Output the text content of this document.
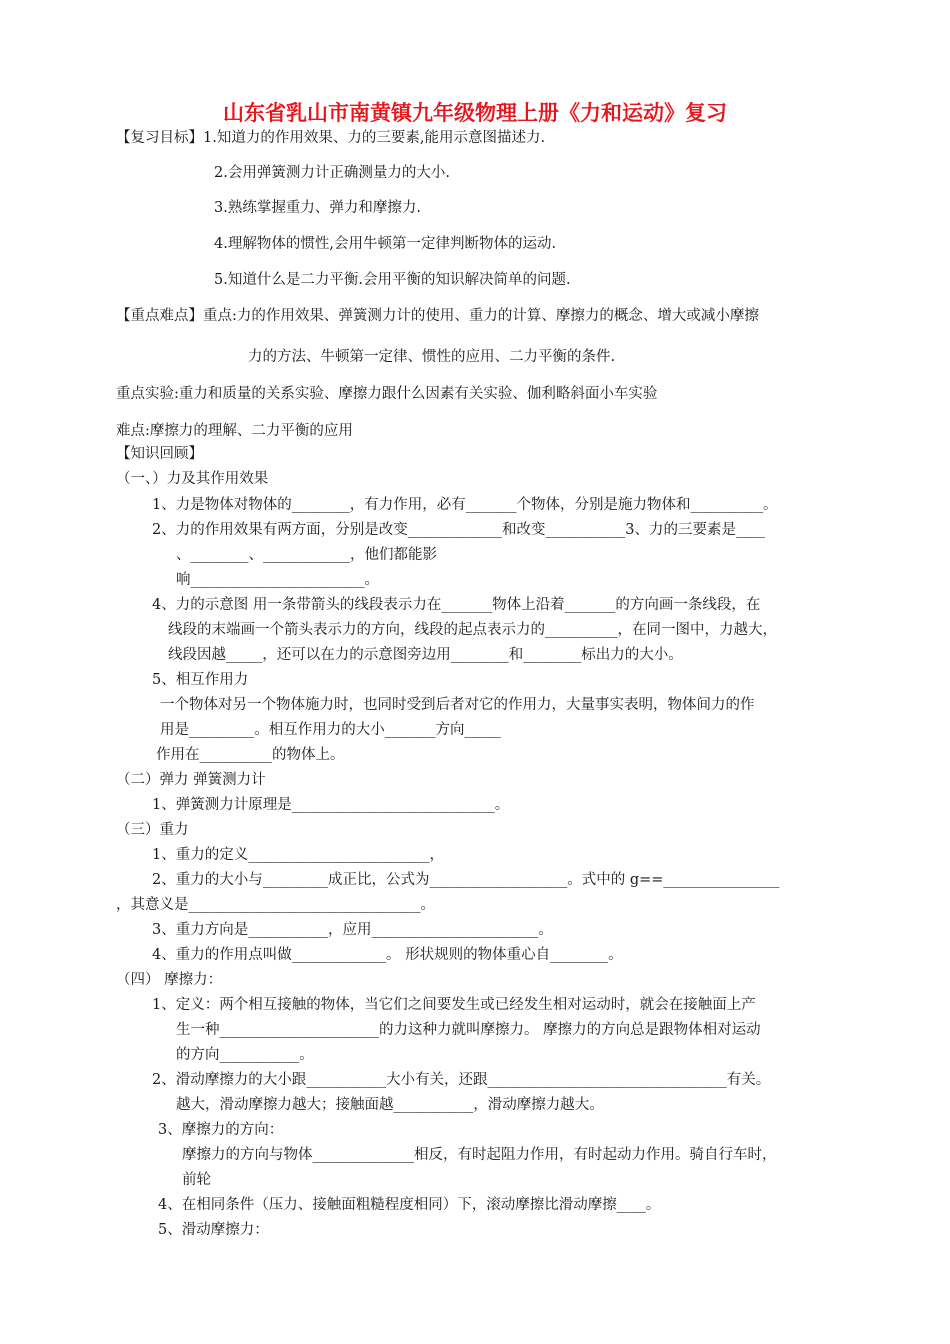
山东省乳山市南黄镇九年级物理上册《力和运动》复习
【复习目标】1.知道力的作用效果、力的三要素,能用示意图描述力.
2.会用弹簧测力计正确测量力的大小.
3.熟练掌握重力、弹力和摩擦力.
4.理解物体的惯性,会用牛顿第一定律判断物体的运动.
5.知道什么是二力平衡.会用平衡的知识解决简单的问题.
【重点难点】重点:力的作用效果、弹簧测力计的使用、重力的计算、摩擦力的概念、增大或减小摩擦
力的方法、牛顿第一定律、惯性的应用、二力平衡的条件.
重点实验:重力和质量的关系实验、摩擦力跟什么因素有关实验、伽利略斜面小车实验
难点:摩擦力的理解、二力平衡的应用
【知识回顾】
（一、）力及其作用效果
1、力是物体对物体的________，有力作用，必有_______个物体，分别是施力物体和__________。
2、力的作用效果有两方面，分别是改变_____________和改变___________3、力的三要素是____
、________、____________，他们都能影
响________________________。
4、力的示意图 用一条带箭头的线段表示力在_______物体上沿着_______的方向画一条线段，在
线段的末端画一个箭头表示力的方向，线段的起点表示力的__________，在同一图中，力越大，
线段因越_____，还可以在力的示意图旁边用________和________标出力的大小。
5、相互作用力
一个物体对另一个物体施力时，也同时受到后者对它的作用力，大量事实表明，物体间力的作
用是_________。相互作用力的大小_______方向_____
作用在__________的物体上。
（二）弹力 弹簧测力计
1、弹簧测力计原理是____________________________。
（三）重力
1、重力的定义_________________________，
2、重力的大小与_________成正比，公式为___________________。式中的 g==________________
，其意义是________________________________。
3、重力方向是___________，应用_______________________。
4、重力的作用点叫做_____________。 形状规则的物体重心自________。
（四） 摩擦力：
1、定义：两个相互接触的物体，当它们之间要发生或已经发生相对运动时，就会在接触面上产
生一种______________________的力这种力就叫摩擦力。 摩擦力的方向总是跟物体相对运动
的方向___________。
2、滑动摩擦力的大小跟___________大小有关，还跟_________________________________有关。
越大，滑动摩擦力越大；接触面越___________，滑动摩擦力越大。
3、摩擦力的方向：
摩擦力的方向与物体______________相反，有时起阻力作用，有时起动力作用。骑自行车时，
前轮
4、在相同条件（压力、接触面粗糙程度相同）下，滚动摩擦比滑动摩擦____。
5、滑动摩擦力：
